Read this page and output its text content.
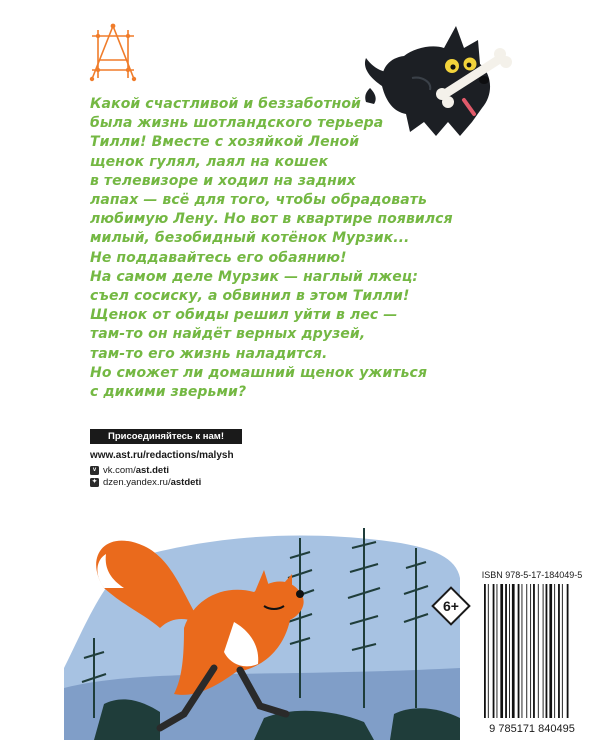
Какой счастливой и беззаботной
была жизнь шотландского терьера
Тилли! Вместе с хозяйкой Леной
щенок гулял, лаял на кошек
в телевизоре и ходил на задних
лапах — всё для того, чтобы обрадовать
любимую Лену. Но вот в квартире появился
милый, безобидный котёнок Мурзик...
Не поддавайтесь его обаянию!
На самом деле Мурзик — наглый лжец:
съел сосиску, а обвинил в этом Тилли!
Щенок от обиды решил уйти в лес —
там-то он найдёт верных друзей,
там-то его жизнь наладится.
Но сможет ли домашний щенок ужиться
с дикими зверьми?
Присоединяйтесь к нам!
www.ast.ru/redactions/malysh
v vk.com/ ast.deti
✦ dzen.yandex.ru/ astdeti
6+
ISBN 978-5-17-184049-5
9 785171 840495
